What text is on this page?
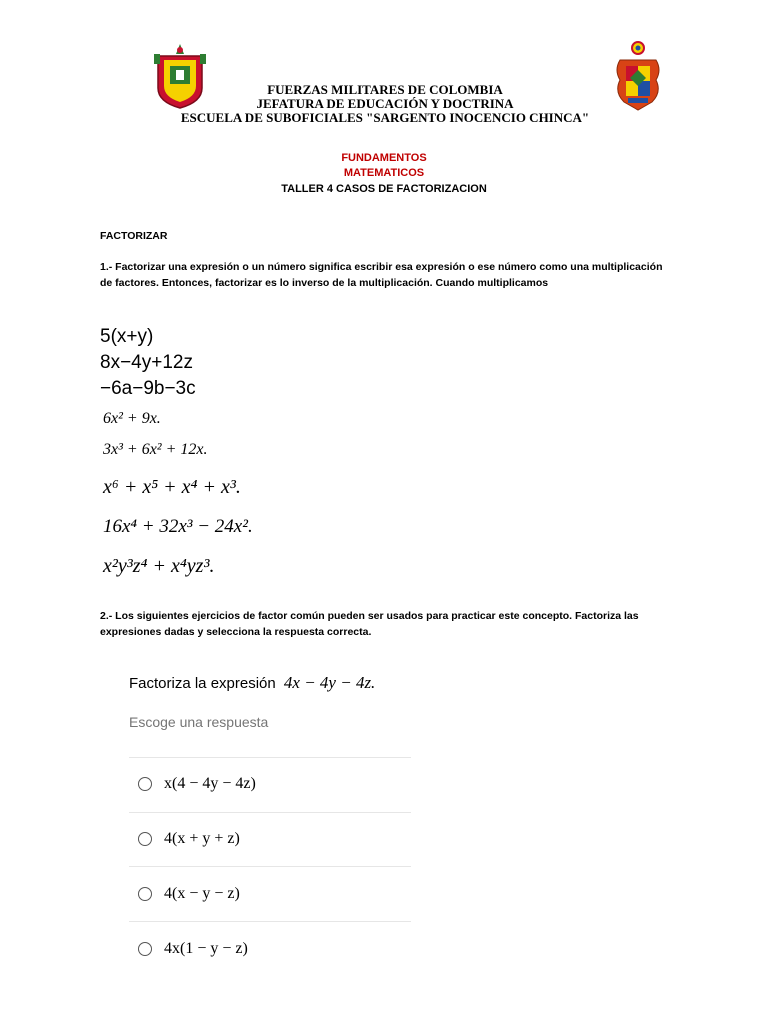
FUERZAS MILITARES DE COLOMBIA
JEFATURA DE EDUCACIÓN Y DOCTRINA
ESCUELA DE SUBOFICIALES "SARGENTO INOCENCIO CHINCA"
FUNDAMENTOS
MATEMATICOS
TALLER 4 CASOS DE FACTORIZACION
FACTORIZAR
1.- Factorizar una expresión o un número significa escribir esa expresión o ese número como una multiplicación de factores. Entonces, factorizar es lo inverso de la multiplicación. Cuando multiplicamos
5(x+y)
8x−4y+12z
−6a−9b−3c
6x² + 9x.
3x³ + 6x² + 12x.
x⁶ + x⁵ + x⁴ + x³.
16x⁴ + 32x³ − 24x².
x²y³z⁴ + x⁴yz³.
2.- Los siguientes ejercicios de factor común pueden ser usados para practicar este concepto. Factoriza las expresiones dadas y selecciona la respuesta correcta.
Factoriza la expresión 4x − 4y − 4z.
Escoge una respuesta
x(4 − 4y − 4z)
4(x + y + z)
4(x − y − z)
4x(1 − y − z)
